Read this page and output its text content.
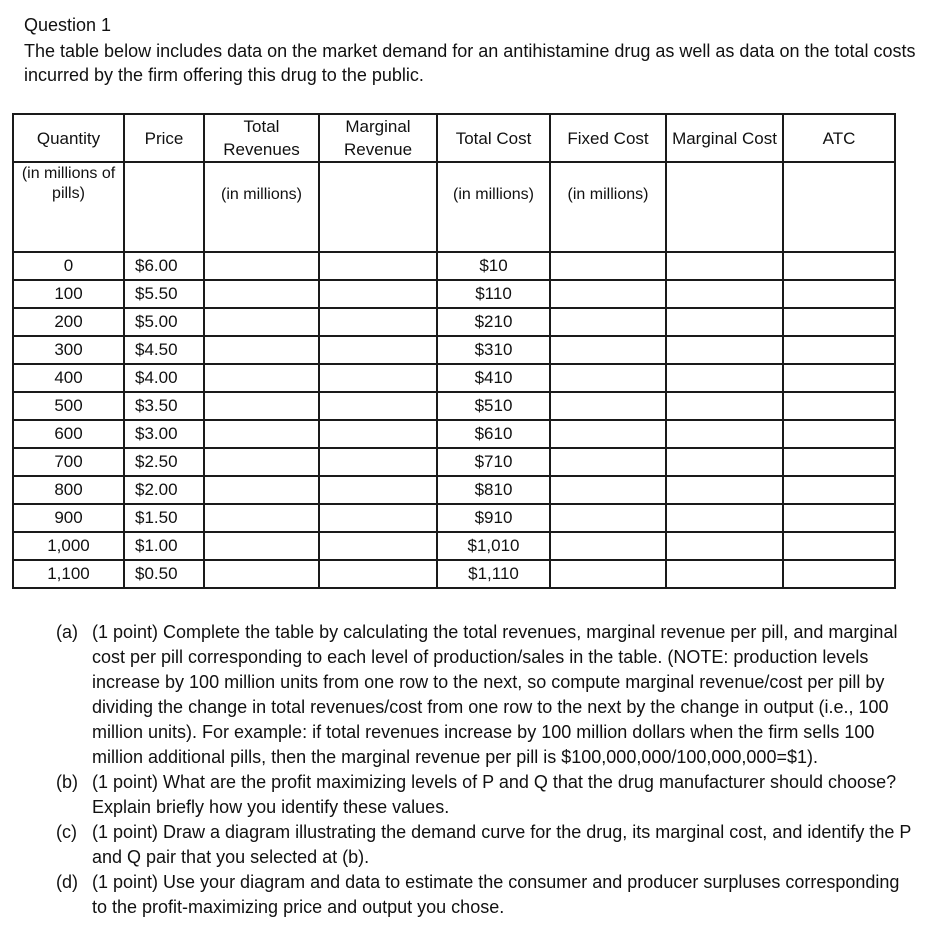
Question 1
The table below includes data on the market demand for an antihistamine drug as well as data on the total costs incurred by the firm offering this drug to the public.
Quantity	Price	Total Revenues	Marginal Revenue	Total Cost	Fixed Cost	Marginal Cost	ATC
(in millions of pills)		(in millions)		(in millions)	(in millions)		
0	$6.00			$10			
100	$5.50			$110			
200	$5.00			$210			
300	$4.50			$310			
400	$4.00			$410			
500	$3.50			$510			
600	$3.00			$610			
700	$2.50			$710			
800	$2.00			$810			
900	$1.50			$910			
1,000	$1.00			$1,010			
1,100	$0.50			$1,110			
(a) (1 point) Complete the table by calculating the total revenues, marginal revenue per pill, and marginal cost per pill corresponding to each level of production/sales in the table. (NOTE: production levels increase by 100 million units from one row to the next, so compute marginal revenue/cost per pill by dividing the change in total revenues/cost from one row to the next by the change in output (i.e., 100 million units). For example: if total revenues increase by 100 million dollars when the firm sells 100 million additional pills, then the marginal revenue per pill is $100,000,000/100,000,000=$1).
(b) (1 point) What are the profit maximizing levels of P and Q that the drug manufacturer should choose? Explain briefly how you identify these values.
(c) (1 point) Draw a diagram illustrating the demand curve for the drug, its marginal cost, and identify the P and Q pair that you selected at (b).
(d) (1 point) Use your diagram and data to estimate the consumer and producer surpluses corresponding to the profit-maximizing price and output you chose.
